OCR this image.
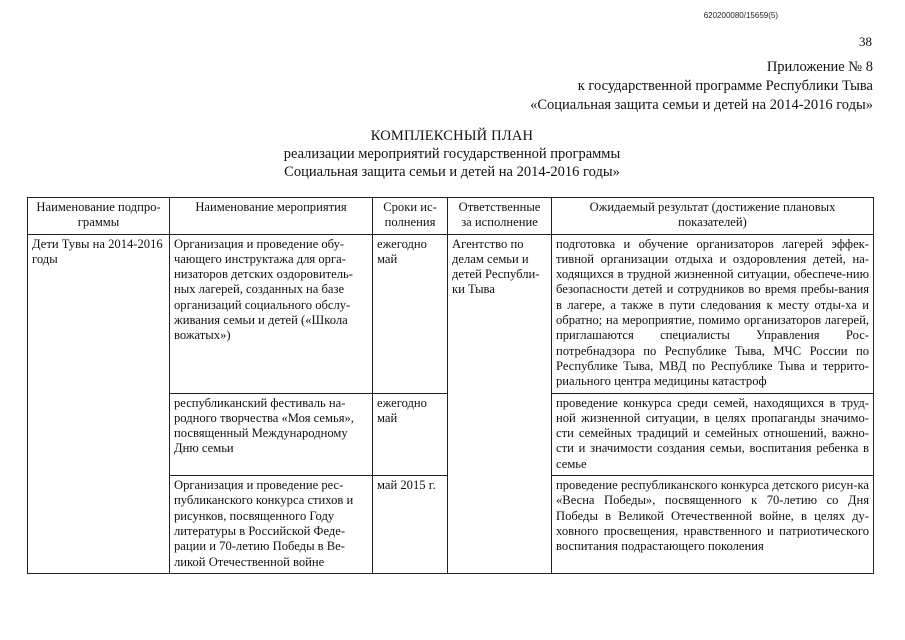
620200080/15659(5)
38
Приложение № 8
к государственной программе Республики Тыва
«Социальная защита семьи и детей на 2014-2016 годы»
КОМПЛЕКСНЫЙ ПЛАН
реализации мероприятий государственной программы
Социальная защита семьи и детей на 2014-2016 годы»
Наименование подпро-граммы	Наименование мероприятия	Сроки ис-полнения	Ответственные за исполнение	Ожидаемый результат (достижение плановых показателей)
Дети Тувы на 2014-2016 годы	Организация и проведение обу-чающего инструктажа для орга-низаторов детских оздоровитель-ных лагерей, созданных на базе организаций социального обслу-живания семьи и детей («Школа вожатых»)	ежегодно май	Агентство по делам семьи и детей Республи-ки Тыва	подготовка и обучение организаторов лагерей эффек-тивной организации отдыха и оздоровления детей, на-ходящихся в трудной жизненной ситуации, обеспече-нию безопасности детей и сотрудников во время пребы-вания в лагере, а также в пути следования к месту отды-ха и обратно; на мероприятие, помимо организаторов лагерей, приглашаются специалисты Управления Рос-потребнадзора по Республике Тыва, МЧС России по Республике Тыва, МВД по Республике Тыва и террито-риального центра медицины катастроф
	республиканский фестиваль на-родного творчества «Моя семья», посвященный Международному Дню семьи	ежегодно май		проведение конкурса среди семей, находящихся в труд-ной жизненной ситуации, в целях пропаганды значимо-сти семейных традиций и семейных отношений, важно-сти и значимости создания семьи, воспитания ребенка в семье
	Организация и проведение рес-публиканского конкурса стихов и рисунков, посвященного Году литературы в Российской Феде-рации и 70-летию Победы в Ве-ликой Отечественной войне	май 2015 г.		проведение республиканского конкурса детского рисун-ка «Весна Победы», посвященного к 70-летию со Дня Победы в Великой Отечественной войне, в целях ду-ховного просвещения, нравственного и патриотического воспитания подрастающего поколения
